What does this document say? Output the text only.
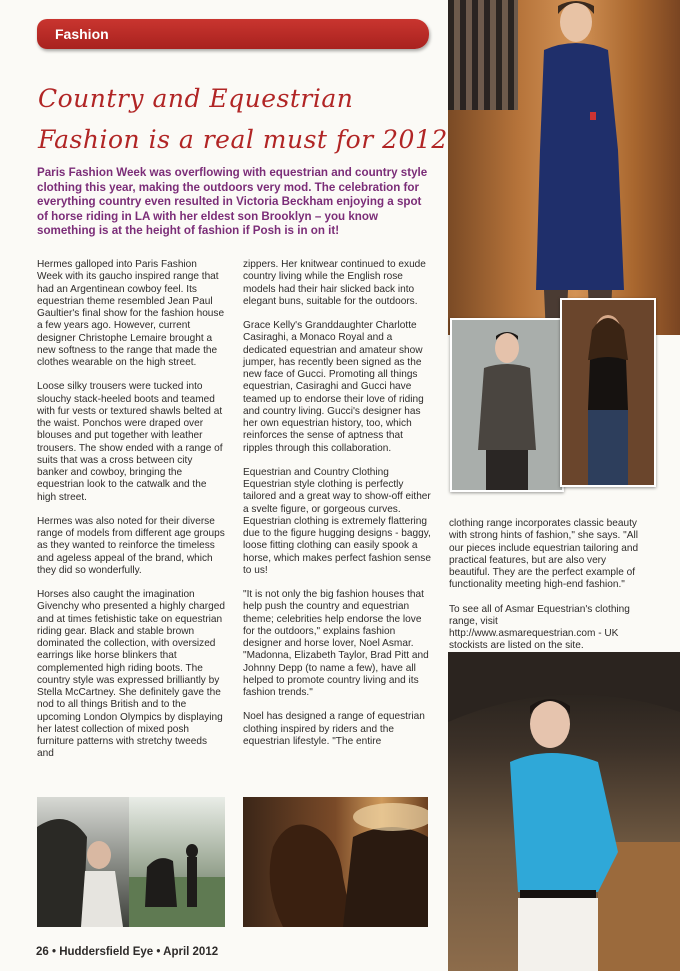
Fashion
Country and Equestrian
Fashion is a real must for 2012
Paris Fashion Week was overflowing with equestrian and country style clothing this year, making the outdoors very mod. The celebration for everything country even resulted in Victoria Beckham enjoying a spot of horse riding in LA with her eldest son Brooklyn – you know something is at the height of fashion if Posh is in on it!

Hermes galloped into Paris Fashion Week with its gaucho inspired range that had an Argentinean cowboy feel. Its equestrian theme resembled Jean Paul Gaultier's final show for the fashion house a few years ago. However, current designer Christophe Lemaire brought a new softness to the range that made the clothes wearable on the high street.

Loose silky trousers were tucked into slouchy stack-heeled boots and teamed with fur vests or textured shawls belted at the waist. Ponchos were draped over blouses and put together with leather trousers. The show ended with a range of suits that was a cross between city banker and cowboy, bringing the equestrian look to the catwalk and the high street.

Hermes was also noted for their diverse range of models from different age groups as they wanted to reinforce the timeless and ageless appeal of the brand, which they did so wonderfully.

Horses also caught the imagination Givenchy who presented a highly charged and at times fetishistic take on equestrian riding gear. Black and stable brown dominated the collection, with oversized earrings like horse blinkers that complemented high riding boots. The country style was expressed brilliantly by Stella McCartney. She definitely gave the nod to all things British and to the upcoming London Olympics by displaying her latest collection of mixed posh furniture patterns with stretchy tweeds and

zippers. Her knitwear continued to exude country living while the English rose models had their hair slicked back into elegant buns, suitable for the outdoors.

Grace Kelly's Granddaughter Charlotte Casiraghi, a Monaco Royal and a dedicated equestrian and amateur show jumper, has recently been signed as the new face of Gucci. Promoting all things equestrian, Casiraghi and Gucci have teamed up to endorse their love of riding and country living. Gucci's designer has her own equestrian history, too, which reinforces the sense of aptness that ripples through this collaboration.

Equestrian and Country Clothing Equestrian style clothing is perfectly tailored and a great way to show-off either a svelte figure, or gorgeous curves. Equestrian clothing is extremely flattering due to the figure hugging designs - baggy, loose fitting clothing can easily spook a horse, which makes perfect fashion sense to us!

"It is not only the big fashion houses that help push the country and equestrian theme; celebrities help endorse the love for the outdoors," explains fashion designer and horse lover, Noel Asmar. "Madonna, Elizabeth Taylor, Brad Pitt and Johnny Depp (to name a few), have all helped to promote country living and its fashion trends."

Noel has designed a range of equestrian clothing inspired by riders and the equestrian lifestyle. "The entire

clothing range incorporates classic beauty with strong hints of fashion," she says. "All our pieces include equestrian tailoring and practical features, but are also very beautiful. They are the perfect example of functionality meeting high-end fashion."

To see all of Asmar Equestrian's clothing range, visit http://www.asmarequestrian.com - UK stockists are listed on the site.

26 • Huddersfield Eye • April 2012
